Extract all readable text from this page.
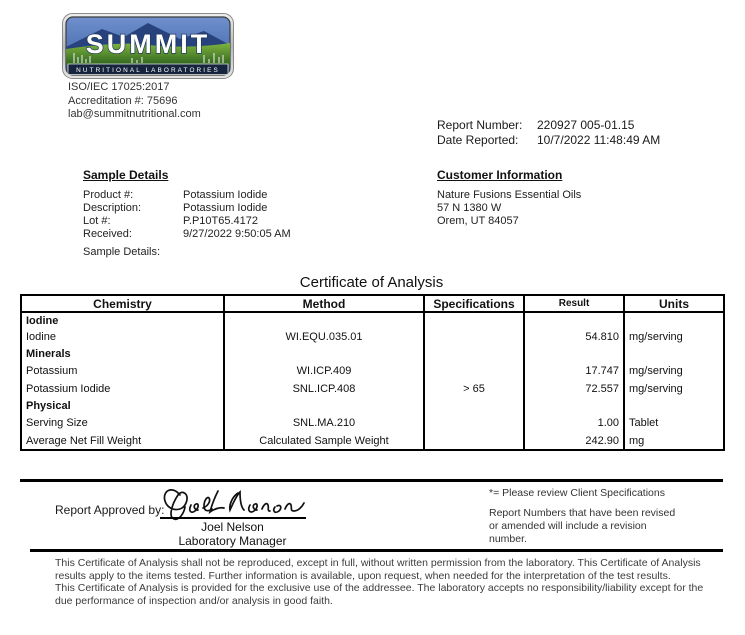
SUMMIT
NUTRITIONAL LABORATORIES
ISO/IEC 17025:2017
Accreditation #: 75696
lab@summitnutritional.com
Report Number:	220927 005-01.15
Date Reported:	10/7/2022 11:48:49 AM
Sample Details
Product #:	Potassium Iodide
Description:	Potassium Iodide
Lot #:	P.P10T65.4172
Received:	9/27/2022 9:50:05 AM
Sample Details:
Customer Information
Nature Fusions Essential Oils
57 N 1380 W
Orem, UT 84057
Certificate of Analysis
Chemistry	Method	Specifications	Result	Units
Iodine				
Iodine	WI.EQU.035.01		54.810	mg/serving
Minerals				
Potassium	WI.ICP.409		17.747	mg/serving
Potassium Iodide	SNL.ICP.408	> 65	72.557	mg/serving
Physical				
Serving Size	SNL.MA.210		1.00	Tablet
Average Net Fill Weight	Calculated Sample Weight		242.90	mg
Report Approved by:
Joel Nelson
Laboratory Manager
*= Please review Client Specifications
Report Numbers that have been revised or amended will include a revision number.

This Certificate of Analysis shall not be reproduced, except in full, without written permission from the laboratory. This Certificate of Analysis results apply to the items tested. Further information is available, upon request, when needed for the interpretation of the test results.

This Certificate of Analysis is provided for the exclusive use of the addressee. The laboratory accepts no responsibility/liability except for the due performance of inspection and/or analysis in good faith.
